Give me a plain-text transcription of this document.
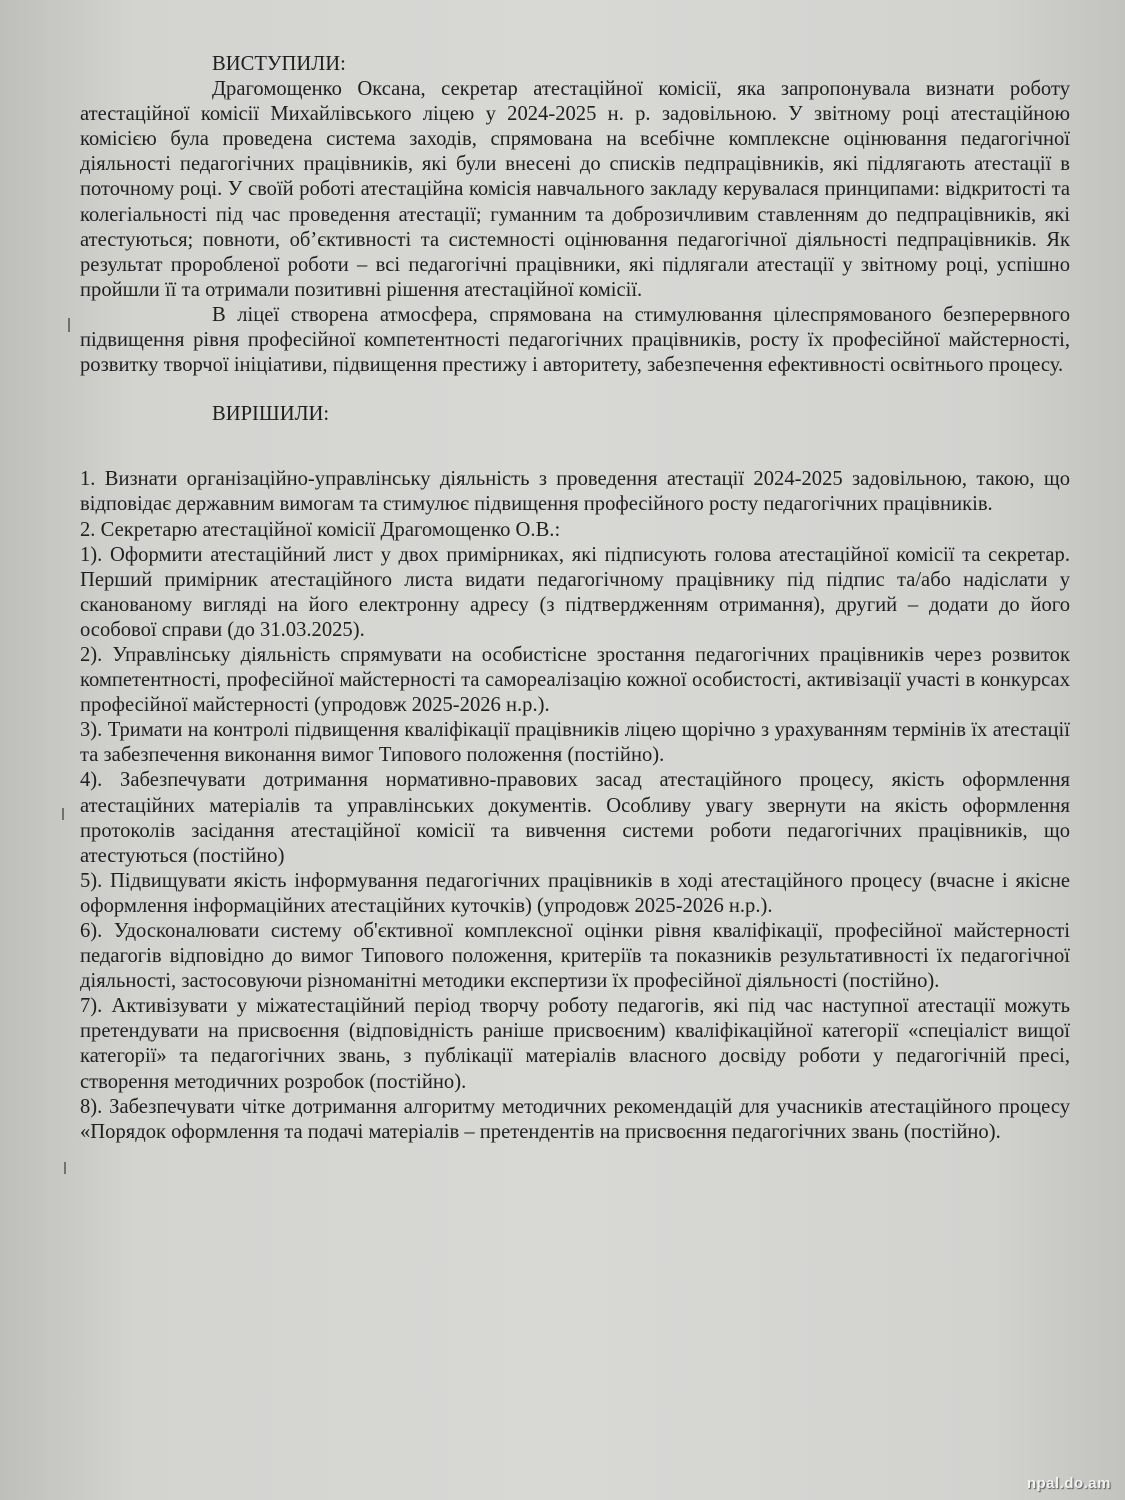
ВИСТУПИЛИ:

Драгомощенко Оксана, секретар атестаційної комісії, яка запропонувала визнати роботу атестаційної комісії Михайлівського ліцею у 2024-2025 н. р. задовільною. У звітному році атестаційною комісією була проведена система заходів, спрямована на всебічне комплексне оцінювання педагогічної діяльності педагогічних працівників, які були внесені до списків педпрацівників, які підлягають атестації в поточному році. У своїй роботі атестаційна комісія навчального закладу керувалася принципами: відкритості та колегіальності під час проведення атестації; гуманним та доброзичливим ставленням до педпрацівників, які атестуються; повноти, об’єктивності та системності оцінювання педагогічної діяльності педпрацівників. Як результат проробленої роботи – всі педагогічні працівники, які підлягали атестації у звітному році, успішно пройшли її та отримали позитивні рішення атестаційної комісії.

В ліцеї створена атмосфера, спрямована на стимулювання цілеспрямованого безперервного підвищення рівня професійної компетентності педагогічних працівників, росту їх професійної майстерності, розвитку творчої ініціативи, підвищення престижу і авторитету, забезпечення ефективності освітнього процесу.

ВИРІШИЛИ:

1. Визнати організаційно-управлінську діяльність з проведення атестації 2024-2025 задовільною, такою, що відповідає державним вимогам та стимулює підвищення професійного росту педагогічних працівників.

2. Секретарю атестаційної комісії Драгомощенко О.В.:

1). Оформити атестаційний лист у двох примірниках, які підписують голова атестаційної комісії та секретар. Перший примірник атестаційного листа видати педагогічному працівнику під підпис та/або надіслати у сканованому вигляді на його електронну адресу (з підтвердженням отримання), другий – додати до його особової справи (до 31.03.2025).

2). Управлінську діяльність спрямувати на особистісне зростання педагогічних працівників через розвиток компетентності, професійної майстерності та самореалізацію кожної особистості, активізації участі в конкурсах професійної майстерності (упродовж 2025-2026 н.р.).

3). Тримати на контролі підвищення кваліфікації працівників ліцею щорічно з урахуванням термінів їх атестації та забезпечення виконання вимог Типового положення (постійно).

4). Забезпечувати дотримання нормативно-правових засад атестаційного процесу, якість оформлення атестаційних матеріалів та управлінських документів. Особливу увагу звернути на якість оформлення протоколів засідання атестаційної комісії та вивчення системи роботи педагогічних працівників, що атестуються (постійно)

5). Підвищувати якість інформування педагогічних працівників в ході атестаційного процесу (вчасне і якісне оформлення інформаційних атестаційних куточків) (упродовж 2025-2026 н.р.).

6). Удосконалювати систему об'єктивної комплексної оцінки рівня кваліфікації, професійної майстерності педагогів відповідно до вимог Типового положення, критеріїв та показників результативності їх педагогічної діяльності, застосовуючи різноманітні методики експертизи їх професійної діяльності (постійно).

7). Активізувати у міжатестаційний період творчу роботу педагогів, які під час наступної атестації можуть претендувати на присвоєння (відповідність раніше присвоєним) кваліфікаційної категорії «спеціаліст вищої категорії» та педагогічних звань, з публікації матеріалів власного досвіду роботи у педагогічній пресі, створення методичних розробок (постійно).

8). Забезпечувати чітке дотримання алгоритму методичних рекомендацій для учасників атестаційного процесу «Порядок оформлення та подачі матеріалів – претендентів на присвоєння педагогічних звань (постійно).

npal.do.am
